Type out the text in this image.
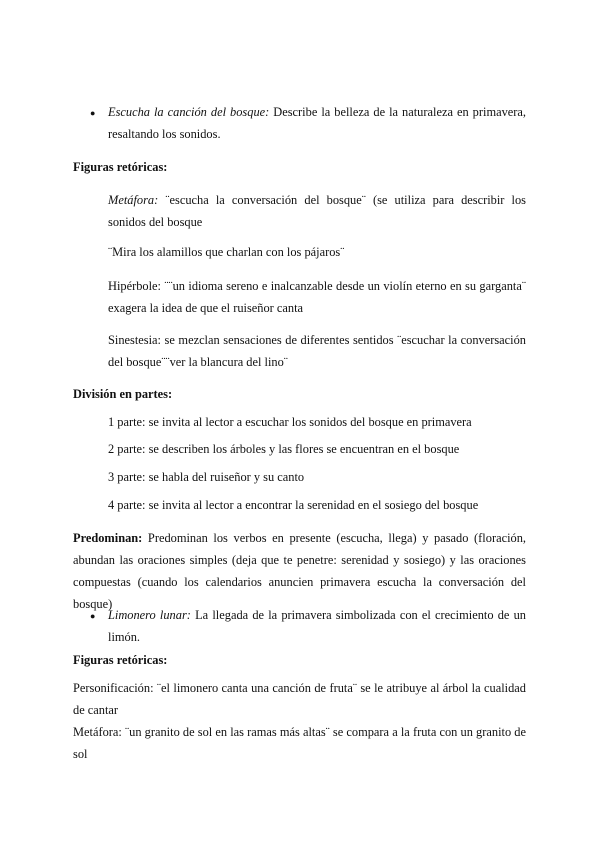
● Escucha la canción del bosque: Describe la belleza de la naturaleza en primavera, resaltando los sonidos.
Figuras retóricas:
Metáfora: ¨escucha la conversación del bosque¨ (se utiliza para describir los sonidos del bosque
¨Mira los alamillos que charlan con los pájaros¨
Hipérbole: ¨¨un idioma sereno e inalcanzable desde un violín eterno en su garganta¨ exagera la idea de que el ruiseñor canta
Sinestesia: se mezclan sensaciones de diferentes sentidos ¨escuchar la conversación del bosque¨¨ver la blancura del lino¨
División en partes:
1 parte: se invita al lector a escuchar los sonidos del bosque en primavera
2 parte: se describen los árboles y las flores se encuentran en el bosque
3 parte: se habla del ruiseñor y su canto
4 parte: se invita al lector a encontrar la serenidad en el sosiego del bosque
Predominan: Predominan los verbos en presente (escucha, llega) y pasado (floración, abundan las oraciones simples (deja que te penetre: serenidad y sosiego) y las oraciones compuestas (cuando los calendarios anuncien primavera escucha la conversación del bosque)
● Limonero lunar: La llegada de la primavera simbolizada con el crecimiento de un limón.
Figuras retóricas:
Personificación: ¨el limonero canta una canción de fruta¨ se le atribuye al árbol la cualidad de cantar
Metáfora: ¨un granito de sol en las ramas más altas¨ se compara a la fruta con un granito de sol
